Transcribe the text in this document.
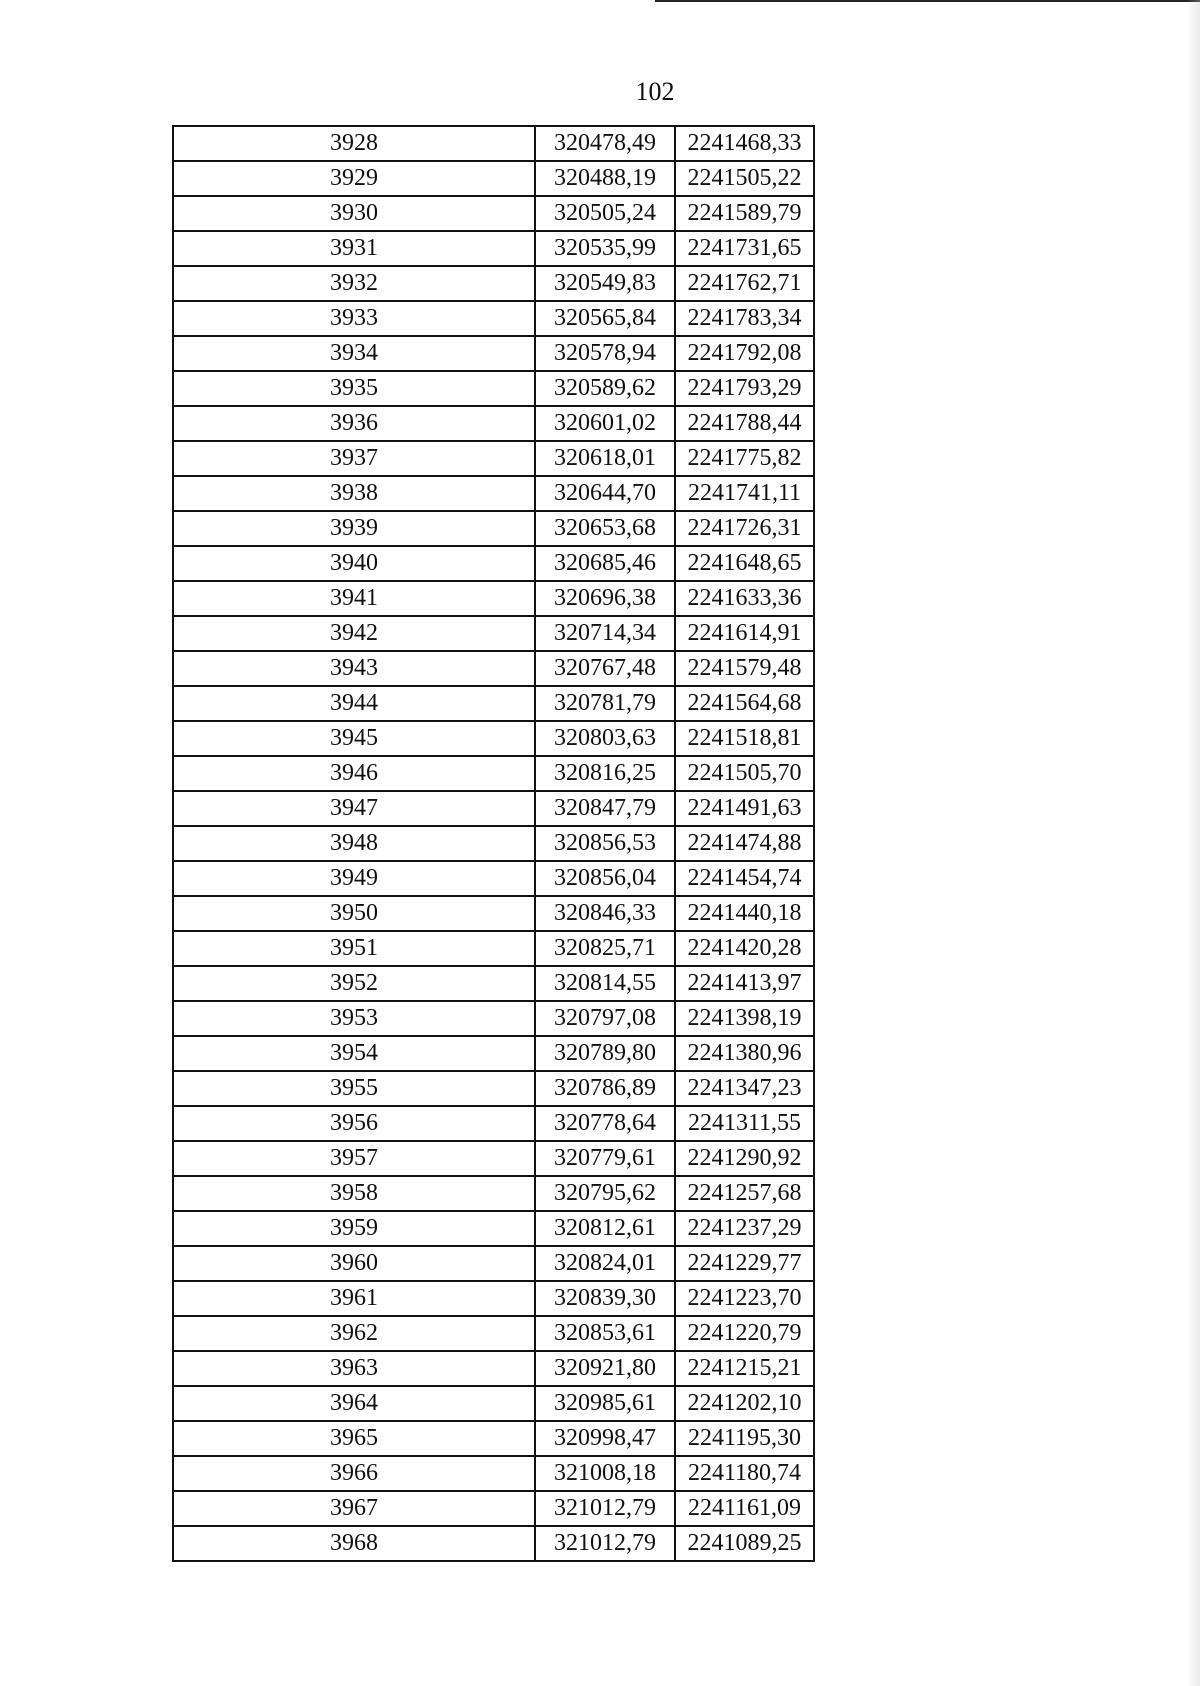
102
3928	320478,49	2241468,33
3929	320488,19	2241505,22
3930	320505,24	2241589,79
3931	320535,99	2241731,65
3932	320549,83	2241762,71
3933	320565,84	2241783,34
3934	320578,94	2241792,08
3935	320589,62	2241793,29
3936	320601,02	2241788,44
3937	320618,01	2241775,82
3938	320644,70	2241741,11
3939	320653,68	2241726,31
3940	320685,46	2241648,65
3941	320696,38	2241633,36
3942	320714,34	2241614,91
3943	320767,48	2241579,48
3944	320781,79	2241564,68
3945	320803,63	2241518,81
3946	320816,25	2241505,70
3947	320847,79	2241491,63
3948	320856,53	2241474,88
3949	320856,04	2241454,74
3950	320846,33	2241440,18
3951	320825,71	2241420,28
3952	320814,55	2241413,97
3953	320797,08	2241398,19
3954	320789,80	2241380,96
3955	320786,89	2241347,23
3956	320778,64	2241311,55
3957	320779,61	2241290,92
3958	320795,62	2241257,68
3959	320812,61	2241237,29
3960	320824,01	2241229,77
3961	320839,30	2241223,70
3962	320853,61	2241220,79
3963	320921,80	2241215,21
3964	320985,61	2241202,10
3965	320998,47	2241195,30
3966	321008,18	2241180,74
3967	321012,79	2241161,09
3968	321012,79	2241089,25
